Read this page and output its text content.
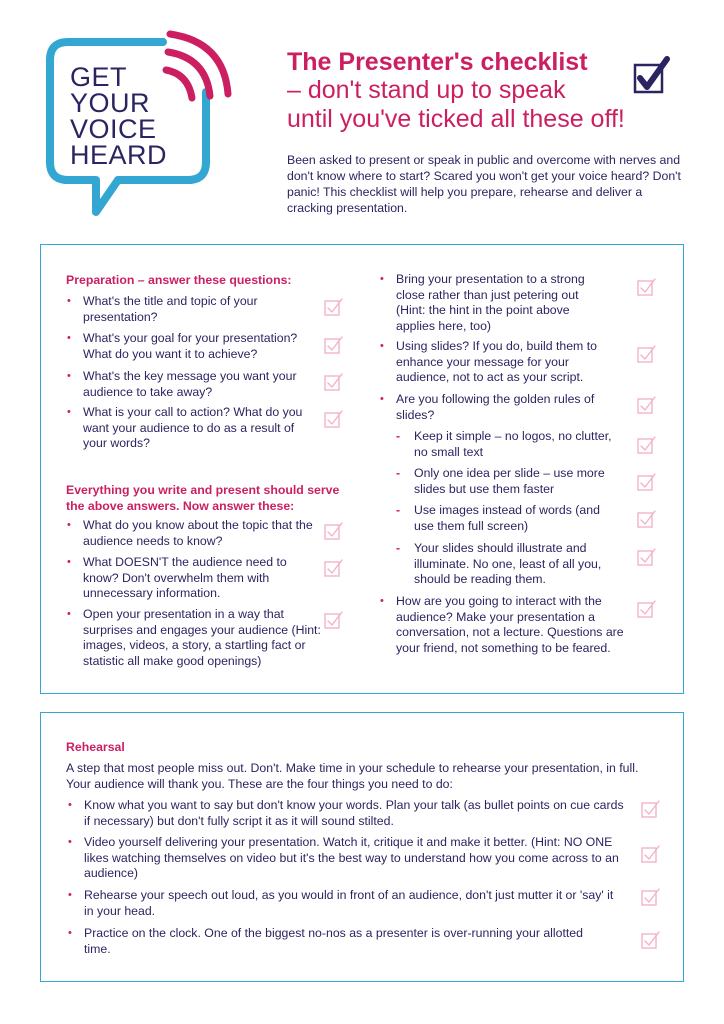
GET
YOUR
VOICE
HEARD
The Presenter's checklist
– don't stand up to speak
until you've ticked all these off!
Been asked to present or speak in public and overcome with nerves and don't know where to start? Scared you won't get your voice heard? Don't panic! This checklist will help you prepare, rehearse and deliver a cracking presentation.
Preparation – answer these questions:
• What's the title and topic of your presentation?
• What's your goal for your presentation? What do you want it to achieve?
• What's the key message you want your audience to take away?
• What is your call to action? What do you want your audience to do as a result of your words?
Everything you write and present should serve the above answers. Now answer these:
• What do you know about the topic that the audience needs to know?
• What DOESN'T the audience need to know? Don't overwhelm them with unnecessary information.
• Open your presentation in a way that surprises and engages your audience (Hint: images, videos, a story, a startling fact or statistic all make good openings)
• Bring your presentation to a strong close rather than just petering out (Hint: the hint in the point above applies here, too)
• Using slides? If you do, build them to enhance your message for your audience, not to act as your script.
• Are you following the golden rules of slides?
- Keep it simple – no logos, no clutter, no small text
- Only one idea per slide – use more slides but use them faster
- Use images instead of words (and use them full screen)
- Your slides should illustrate and illuminate. No one, least of all you, should be reading them.
• How are you going to interact with the audience? Make your presentation a conversation, not a lecture. Questions are your friend, not something to be feared.
Rehearsal
A step that most people miss out. Don't. Make time in your schedule to rehearse your presentation, in full. Your audience will thank you. These are the four things you need to do:
• Know what you want to say but don't know your words. Plan your talk (as bullet points on cue cards if necessary) but don't fully script it as it will sound stilted.
• Video yourself delivering your presentation. Watch it, critique it and make it better. (Hint: NO ONE likes watching themselves on video but it's the best way to understand how you come across to an audience)
• Rehearse your speech out loud, as you would in front of an audience, don't just mutter it or 'say' it in your head.
• Practice on the clock. One of the biggest no-nos as a presenter is over-running your allotted time.
